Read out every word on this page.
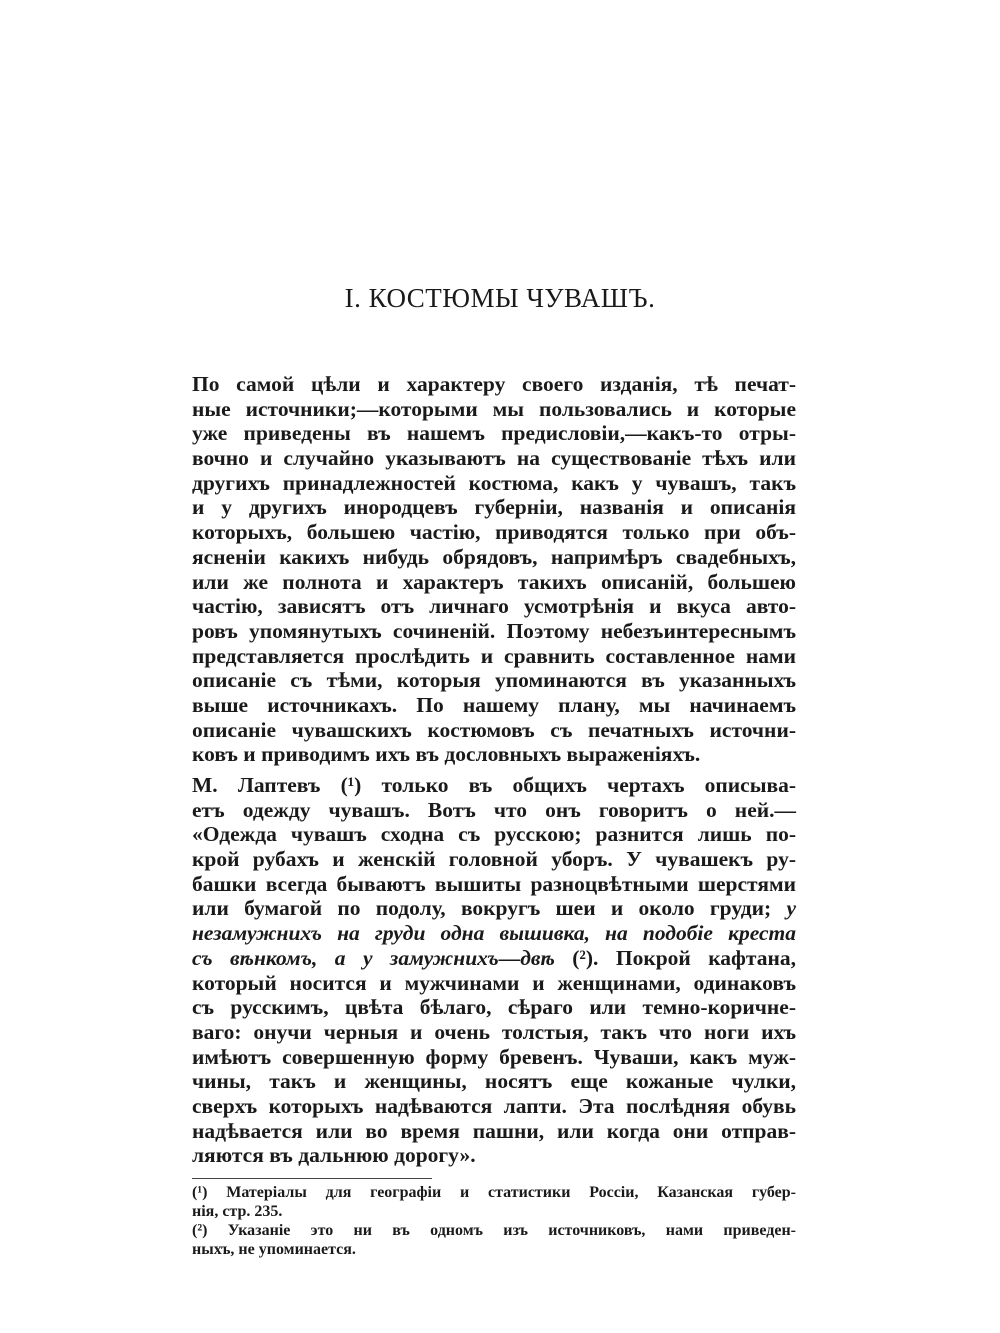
I. КОСТЮМЫ ЧУВАШЪ.
По самой цѣли и характеру своего изданія, тѣ печат-
ные источники;—которыми мы пользовались и которые
уже приведены въ нашемъ предисловіи,—какъ-то отры-
вочно и случайно указываютъ на существованіе тѣхъ или
другихъ принадлежностей костюма, какъ у чувашъ, такъ
и у другихъ инородцевъ губерніи, названія и описанія
которыхъ, большею частію, приводятся только при объ-
ясненіи какихъ нибудь обрядовъ, напримѣръ свадебныхъ,
или же полнота и характеръ такихъ описаній, большею
частію, зависятъ отъ личнаго усмотрѣнія и вкуса авто-
ровъ упомянутыхъ сочиненій. Поэтому небезъинтереснымъ
представляется прослѣдить и сравнить составленное нами
описаніе съ тѣми, которыя упоминаются въ указанныхъ
выше источникахъ. По нашему плану, мы начинаемъ
описаніе чувашскихъ костюмовъ съ печатныхъ источни-
ковъ и приводимъ ихъ въ дословныхъ выраженіяхъ.
М. Лаптевъ (¹) только въ общихъ чертахъ описыва-
етъ одежду чувашъ. Вотъ что онъ говоритъ о ней.—
«Одежда чувашъ сходна съ русскою; разнится лишь по-
крой рубахъ и женскій головной уборъ. У чувашекъ ру-
башки всегда бываютъ вышиты разноцвѣтными шерстями
или бумагой по подолу, вокругъ шеи и около груди; у
незамужнихъ на груди одна вышивка, на подобіе креста
съ вѣнкомъ, а у замужнихъ—двѣ (²). Покрой кафтана,
который носится и мужчинами и женщинами, одинаковъ
съ русскимъ, цвѣта бѣлаго, сѣраго или темно-коричне-
ваго: онучи черныя и очень толстыя, такъ что ноги ихъ
имѣютъ совершенную форму бревенъ. Чуваши, какъ муж-
чины, такъ и женщины, носятъ еще кожаные чулки,
сверхъ которыхъ надѣваются лапти. Эта послѣдняя обувь
надѣвается или во время пашни, или когда они отправ-
ляются въ дальнюю дорогу».
(¹) Матеріалы для географіи и статистики Россіи, Казанская губер-
нія, стр. 235.
(²) Указаніе это ни въ одномъ изъ источниковъ, нами приведен-
ныхъ, не упоминается.
